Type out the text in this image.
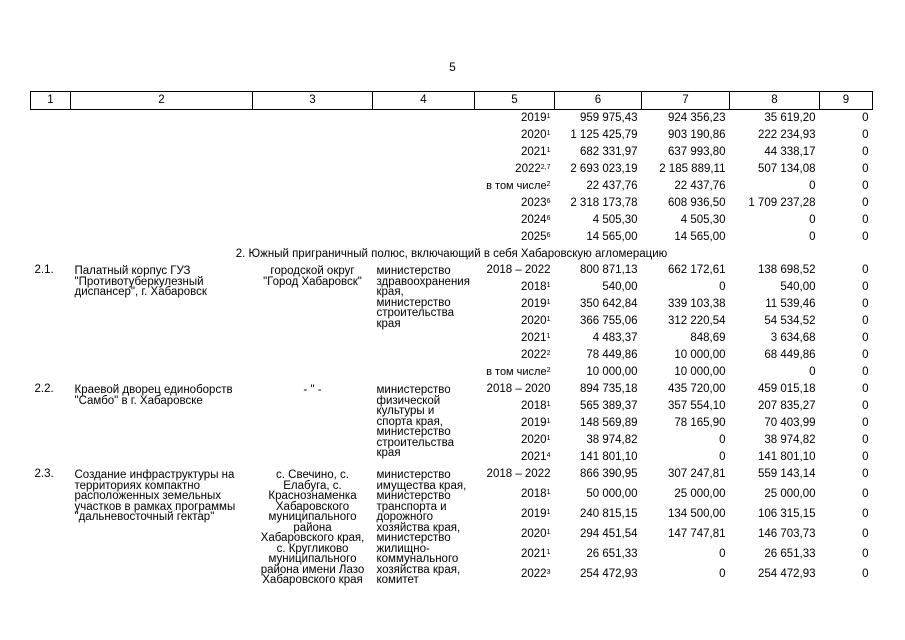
5
1	2	3	4	5	6	7	8	9
				2019$^1$	959 975,43	924 356,23	35 619,20	0
				2020$^1$	1 125 425,79	903 190,86	222 234,93	0
				2021$^1$	682 331,97	637 993,80	44 338,17	0
				2022$^{2,7}$	2 693 023,19	2 185 889,11	507 134,08	0
				в том числе$^2$	22 437,76	22 437,76	0	0
				2023$^6$	2 318 173,78	608 936,50	1 709 237,28	0
				2024$^6$	4 505,30	4 505,30	0	0
				2025$^6$	14 565,00	14 565,00	0	0
2. Южный приграничный полюс, включающий в себя Хабаровскую агломерацию								
2.1.	Палатный корпус ГУЗ "Противотуберкулезный диспансер", г. Хабаровск	городской округ "Город Хабаровск"	министерство здравоохранения края, министерство строительства края	2018 – 2022	800 871,13	662 172,61	138 698,52	0
				2018$^1$	540,00	0	540,00	0
				2019$^1$	350 642,84	339 103,38	11 539,46	0
				2020$^1$	366 755,06	312 220,54	54 534,52	0
				2021$^1$	4 483,37	848,69	3 634,68	0
				2022$^2$	78 449,86	10 000,00	68 449,86	0
				в том числе$^2$	10 000,00	10 000,00	0	0
2.2.	Краевой дворец единоборств "Самбо" в г. Хабаровске	- " -	министерство физической культуры и спорта края, министерство строительства края	2018 – 2020	894 735,18	435 720,00	459 015,18	0
				2018$^1$	565 389,37	357 554,10	207 835,27	0
				2019$^1$	148 569,89	78 165,90	70 403,99	0
				2020$^1$	38 974,82	0	38 974,82	0
				2021$^4$	141 801,10	0	141 801,10	0
2.3.	Создание инфраструктуры на территориях компактно расположенных земельных участков в рамках программы "дальневосточный гектар"	с. Свечино, с. Елабуга, с. Краснознаменка Хабаровского муниципального района Хабаровского края, с. Кругликово муниципального района имени Лазо Хабаровского края	министерство имущества края, министерство транспорта и дорожного хозяйства края, министерство жилищно-коммунального хозяйства края, комитет	2018 – 2022	866 390,95	307 247,81	559 143,14	0
				2018$^1$	50 000,00	25 000,00	25 000,00	0
				2019$^1$	240 815,15	134 500,00	106 315,15	0
				2020$^1$	294 451,54	147 747,81	146 703,73	0
				2021$^1$	26 651,33	0	26 651,33	0
				2022$^3$	254 472,93	0	254 472,93	0
